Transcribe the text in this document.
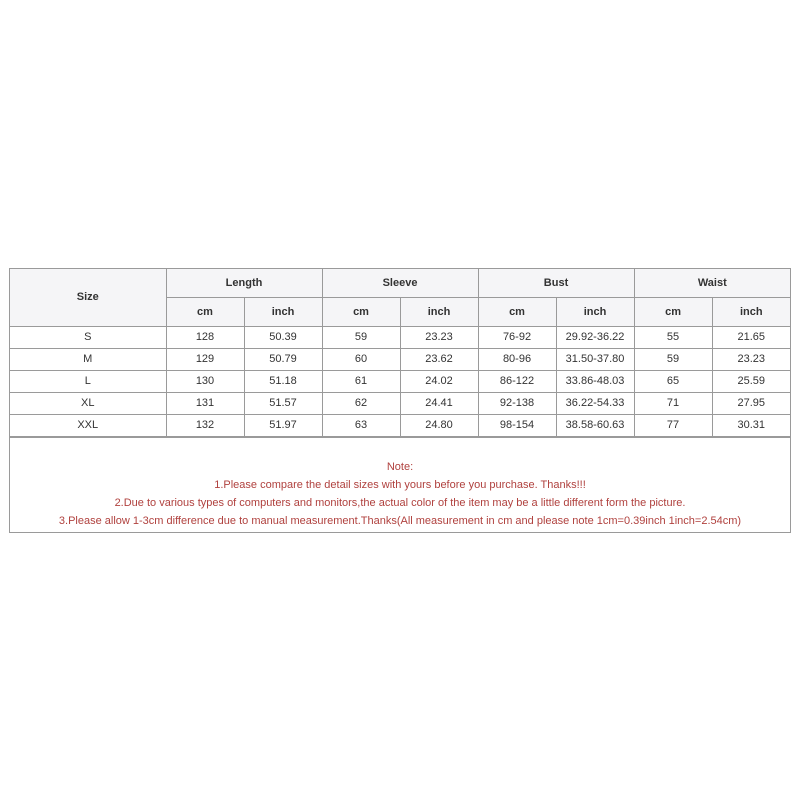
Size	Length		Sleeve		Bust		Waist	
	cm	inch	cm	inch	cm	inch	cm	inch
S	128	50.39	59	23.23	76-92	29.92-36.22	55	21.65
M	129	50.79	60	23.62	80-96	31.50-37.80	59	23.23
L	130	51.18	61	24.02	86-122	33.86-48.03	65	25.59
XL	131	51.57	62	24.41	92-138	36.22-54.33	71	27.95
XXL	132	51.97	63	24.80	98-154	38.58-60.63	77	30.31
Note:
1.Please compare the detail sizes with yours before you purchase. Thanks!!!
2.Due to various types of computers and monitors,the actual color of the item may be a little different form the picture.
3.Please allow 1-3cm difference due to manual measurement.Thanks(All measurement in cm and please note 1cm=0.39inch 1inch=2.54cm)
